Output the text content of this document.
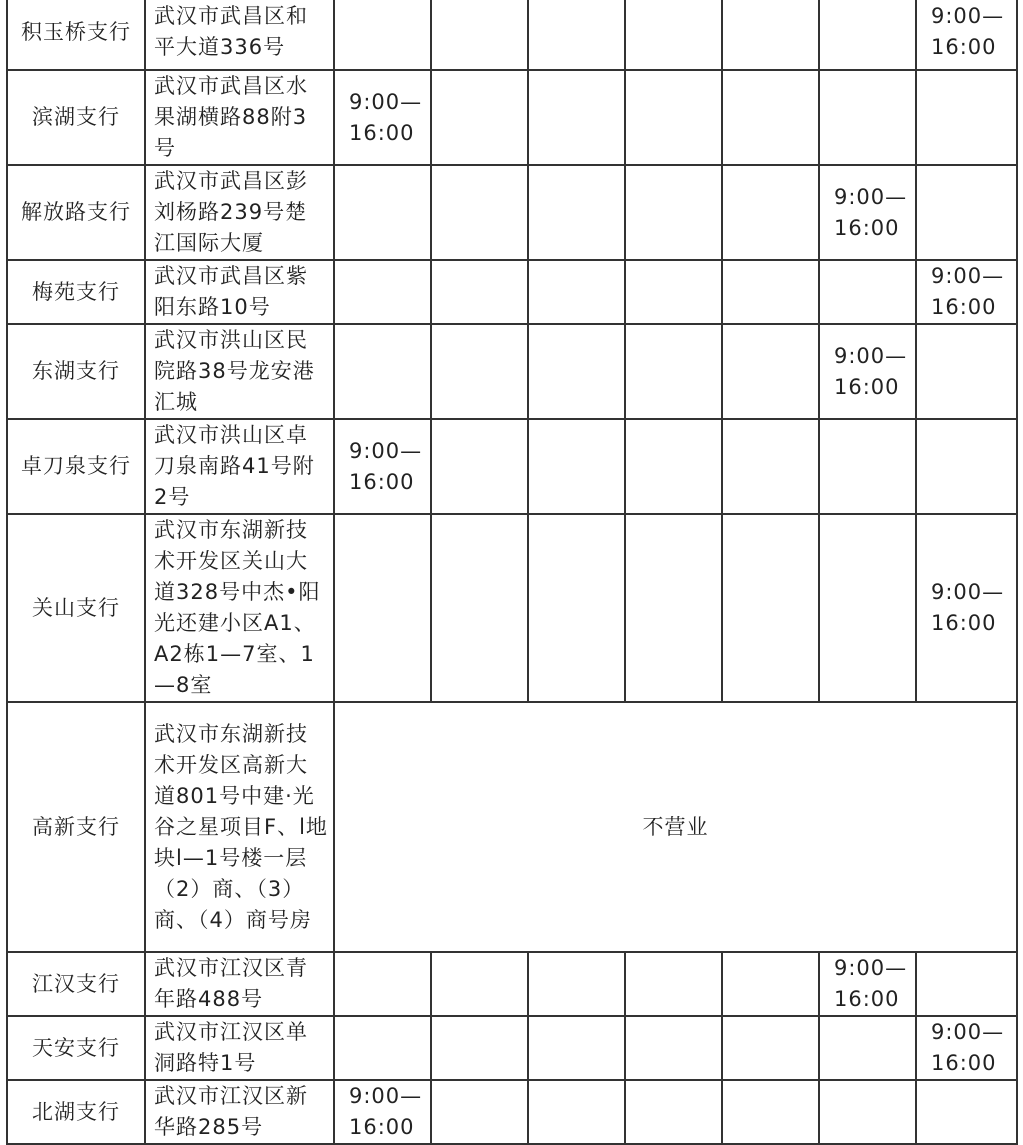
积玉桥支行	武汉市武昌区和平大道336号							9:00—
16:00
滨湖支行	武汉市武昌区水果湖横路88附3号	9:00—
16:00						
解放路支行	武汉市武昌区彭刘杨路239号楚江国际大厦						9:00—
16:00	
梅苑支行	武汉市武昌区紫阳东路10号							9:00—
16:00
东湖支行	武汉市洪山区民院路38号龙安港汇城						9:00—
16:00	
卓刀泉支行	武汉市洪山区卓刀泉南路41号附2号	9:00—
16:00						
关山支行	武汉市东湖新技术开发区关山大道328号中杰•阳光还建小区A1、A2栋1—7室、1—8室							9:00—
16:00
高新支行	武汉市东湖新技术开发区高新大道801号中建·光谷之星项目F、l地块l—1号楼一层（2）商、（3）商、（4）商号房	不营业						
江汉支行	武汉市江汉区青年路488号						9:00—
16:00	
天安支行	武汉市江汉区单洞路特1号							9:00—
16:00
北湖支行	武汉市江汉区新华路285号	9:00—
16:00						
